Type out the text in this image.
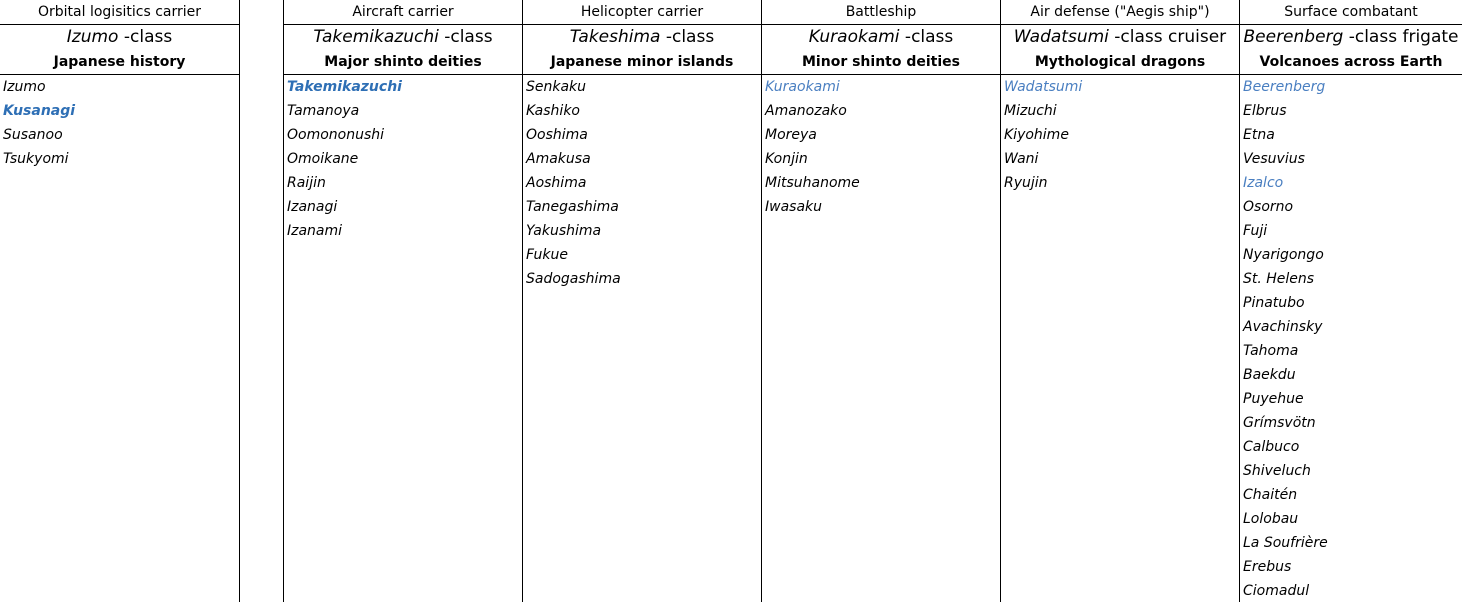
Orbital logisitics carrier
Izumo -class
Japanese history
Izumo
Kusanagi
Susanoo
Tsukyomi
Aircraft carrier
Takemikazuchi -class
Major shinto deities
Takemikazuchi
Tamanoya
Oomononushi
Omoikane
Raijin
Izanagi
Izanami
Helicopter carrier
Takeshima -class
Japanese minor islands
Senkaku
Kashiko
Ooshima
Amakusa
Aoshima
Tanegashima
Yakushima
Fukue
Sadogashima
Battleship
Kuraokami -class
Minor shinto deities
Kuraokami
Amanozako
Moreya
Konjin
Mitsuhanome
Iwasaku
Air defense ("Aegis ship")
Wadatsumi -class cruiser
Mythological dragons
Wadatsumi
Mizuchi
Kiyohime
Wani
Ryujin
Surface combatant
Beerenberg -class frigate
Volcanoes across Earth
Beerenberg
Elbrus
Etna
Vesuvius
Izalco
Osorno
Fuji
Nyarigongo
St. Helens
Pinatubo
Avachinsky
Tahoma
Baekdu
Puyehue
Grímsvötn
Calbuco
Shiveluch
Chaitén
Lolobau
La Soufrière
Erebus
Ciomadul
